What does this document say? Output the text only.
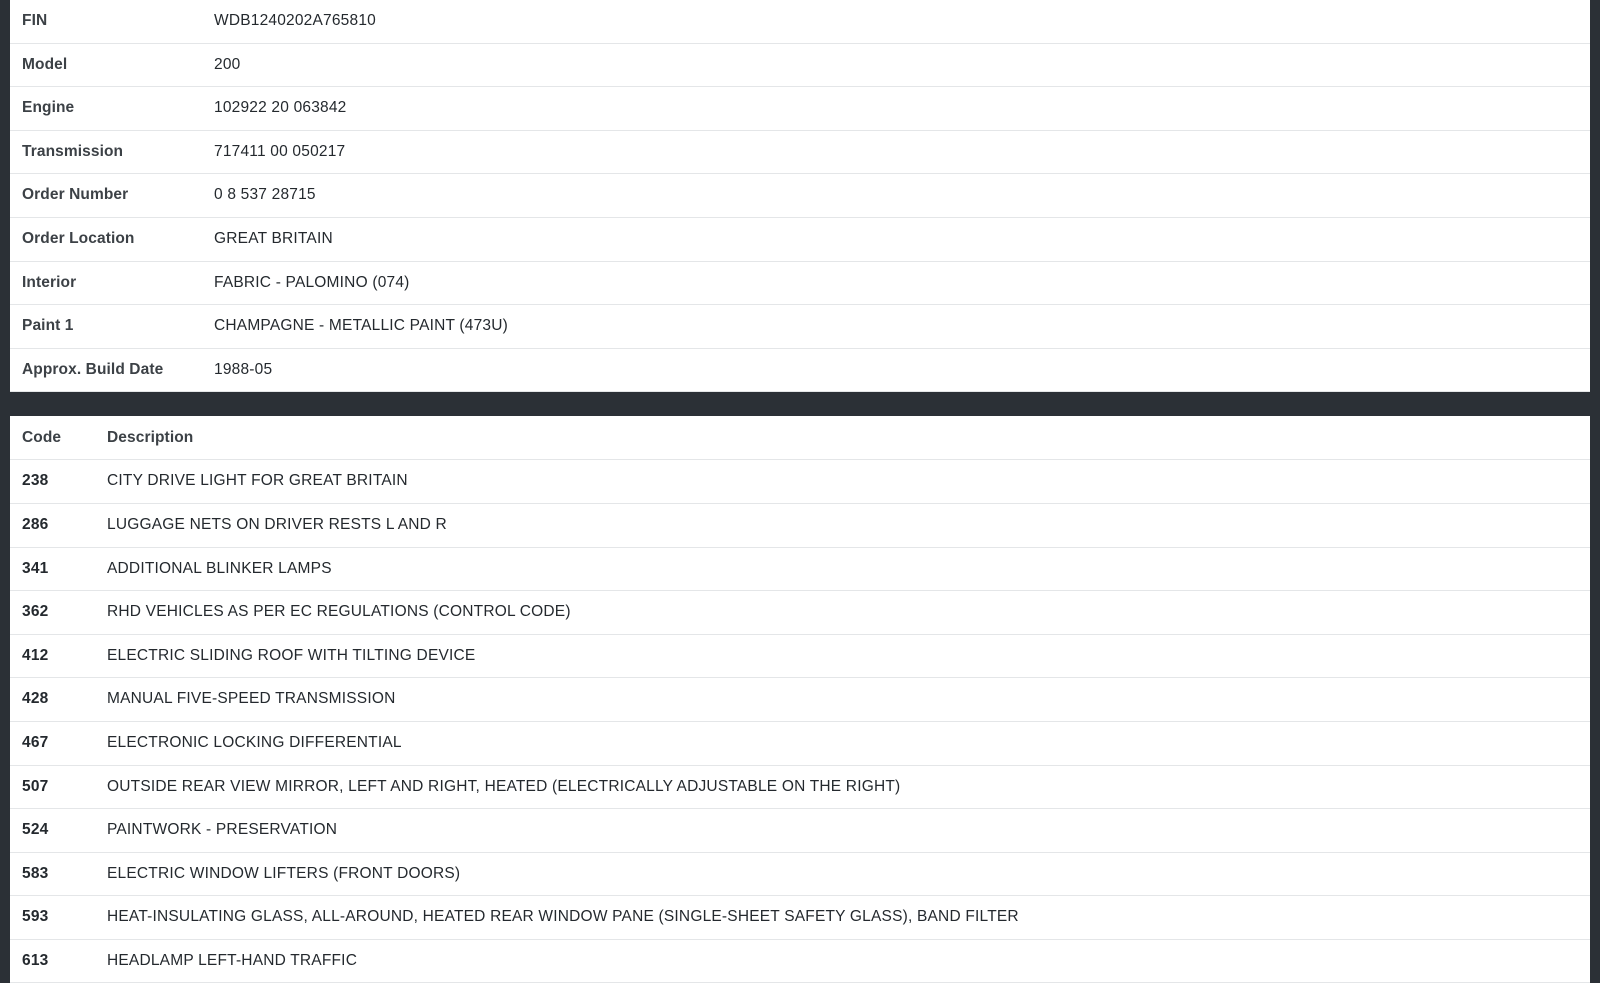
FIN	WDB1240202A765810
Model	200
Engine	102922 20 063842
Transmission	717411 00 050217
Order Number	0 8 537 28715
Order Location	GREAT BRITAIN
Interior	FABRIC - PALOMINO (074)
Paint 1	CHAMPAGNE - METALLIC PAINT (473U)
Approx. Build Date	1988-05
Code	Description
238	CITY DRIVE LIGHT FOR GREAT BRITAIN
286	LUGGAGE NETS ON DRIVER RESTS L AND R
341	ADDITIONAL BLINKER LAMPS
362	RHD VEHICLES AS PER EC REGULATIONS (CONTROL CODE)
412	ELECTRIC SLIDING ROOF WITH TILTING DEVICE
428	MANUAL FIVE-SPEED TRANSMISSION
467	ELECTRONIC LOCKING DIFFERENTIAL
507	OUTSIDE REAR VIEW MIRROR, LEFT AND RIGHT, HEATED (ELECTRICALLY ADJUSTABLE ON THE RIGHT)
524	PAINTWORK - PRESERVATION
583	ELECTRIC WINDOW LIFTERS (FRONT DOORS)
593	HEAT-INSULATING GLASS, ALL-AROUND, HEATED REAR WINDOW PANE (SINGLE-SHEET SAFETY GLASS), BAND FILTER
613	HEADLAMP LEFT-HAND TRAFFIC
